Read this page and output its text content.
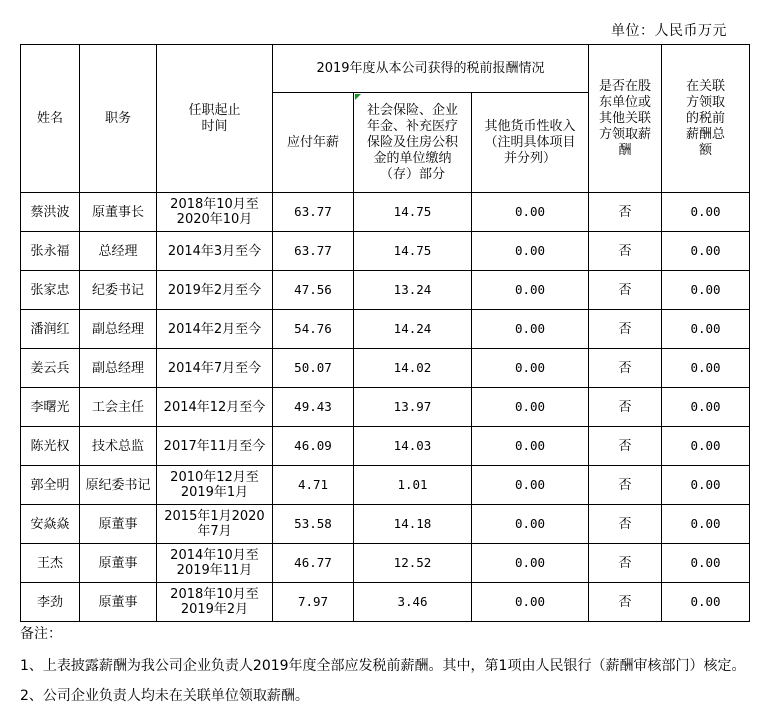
单位：人民币万元
姓名	职务	任职起止时间	2019年度从本公司获得的税前报酬情况			是否在股东单位或其他关联方领取薪酬	在关联方领取的税前薪酬总额
			应付年薪	社会保险、企业年金、补充医疗保险及住房公积金的单位缴纳（存）部分	其他货币性收入（注明具体项目并分列）		
蔡洪波	原董事长	2018年10月至2020年10月	63.77	14.75	0.00	否	0.00
张永福	总经理	2014年3月至今	63.77	14.75	0.00	否	0.00
张家忠	纪委书记	2019年2月至今	47.56	13.24	0.00	否	0.00
潘润红	副总经理	2014年2月至今	54.76	14.24	0.00	否	0.00
姜云兵	副总经理	2014年7月至今	50.07	14.02	0.00	否	0.00
李曙光	工会主任	2014年12月至今	49.43	13.97	0.00	否	0.00
陈光权	技术总监	2017年11月至今	46.09	14.03	0.00	否	0.00
郭全明	原纪委书记	2010年12月至2019年1月	4.71	1.01	0.00	否	0.00
安焱焱	原董事	2015年1月2020年7月	53.58	14.18	0.00	否	0.00
王杰	原董事	2014年10月至2019年11月	46.77	12.52	0.00	否	0.00
李劲	原董事	2018年10月至2019年2月	7.97	3.46	0.00	否	0.00

备注：

1、上表披露薪酬为我公司企业负责人2019年度全部应发税前薪酬。其中，第1项由人民银行（薪酬审核部门）核定。

2、公司企业负责人均未在关联单位领取薪酬。
